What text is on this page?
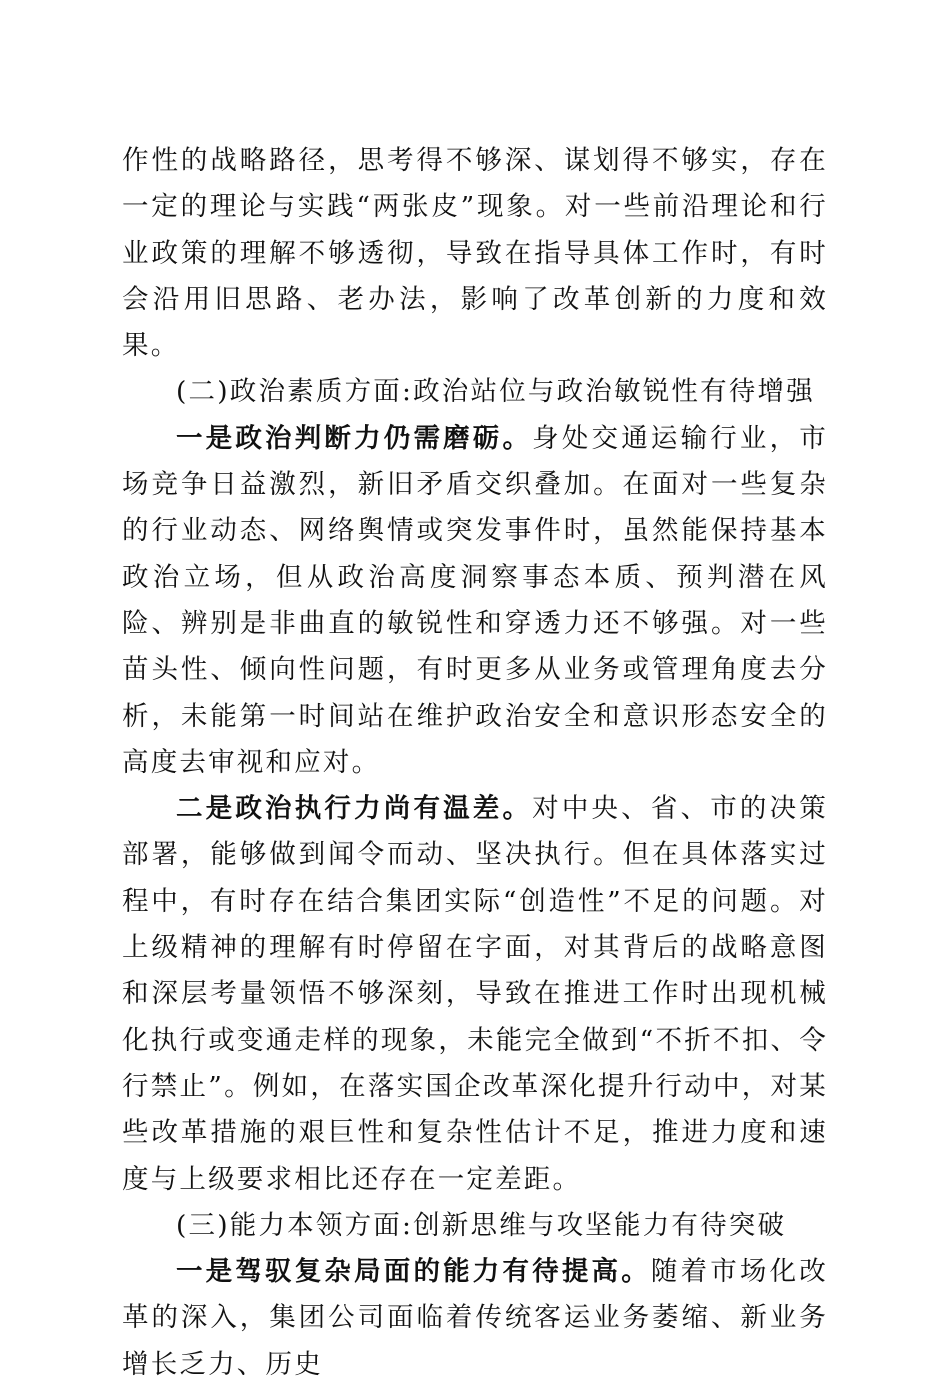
作性的战略路径，思考得不够深、谋划得不够实，存在一定的理论与实践“两张皮”现象。对一些前沿理论和行业政策的理解不够透彻，导致在指导具体工作时，有时会沿用旧思路、老办法，影响了改革创新的力度和效果。

(二)政治素质方面:政治站位与政治敏锐性有待增强

一是政治判断力仍需磨砺。身处交通运输行业，市场竞争日益激烈，新旧矛盾交织叠加。在面对一些复杂的行业动态、网络舆情或突发事件时，虽然能保持基本政治立场，但从政治高度洞察事态本质、预判潜在风险、辨别是非曲直的敏锐性和穿透力还不够强。对一些苗头性、倾向性问题，有时更多从业务或管理角度去分析，未能第一时间站在维护政治安全和意识形态安全的高度去审视和应对。

二是政治执行力尚有温差。对中央、省、市的决策部署，能够做到闻令而动、坚决执行。但在具体落实过程中，有时存在结合集团实际“创造性”不足的问题。对上级精神的理解有时停留在字面，对其背后的战略意图和深层考量领悟不够深刻，导致在推进工作时出现机械化执行或变通走样的现象，未能完全做到“不折不扣、令行禁止”。例如，在落实国企改革深化提升行动中，对某些改革措施的艰巨性和复杂性估计不足，推进力度和速度与上级要求相比还存在一定差距。

(三)能力本领方面:创新思维与攻坚能力有待突破

一是驾驭复杂局面的能力有待提高。随着市场化改革的深入，集团公司面临着传统客运业务萎缩、新业务增长乏力、历史
